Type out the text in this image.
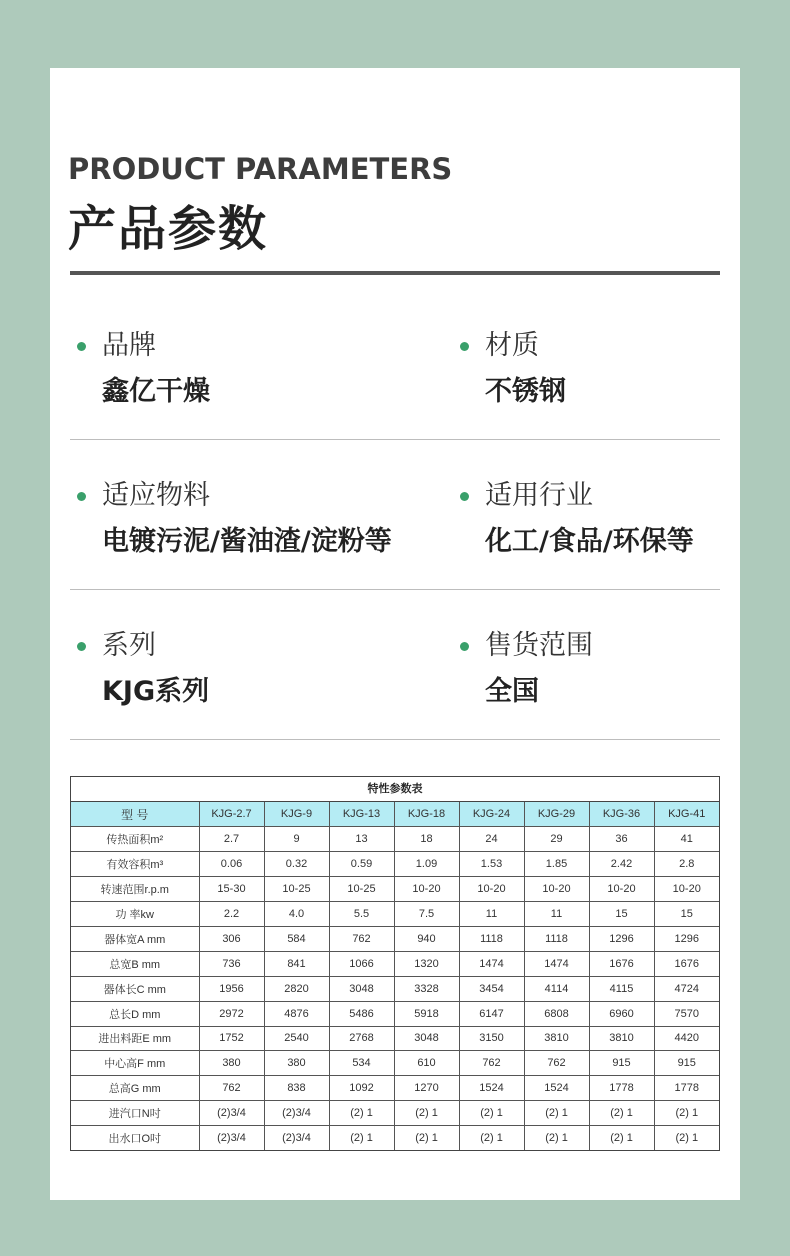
PRODUCT PARAMETERS
产品参数
品牌
鑫亿干燥
材质
不锈钢
适应物料
电镀污泥/酱油渣/淀粉等
适用行业
化工/食品/环保等
系列
KJG系列
售货范围
全国
特性参数表
型 号	KJG-2.7	KJG-9	KJG-13	KJG-18	KJG-24	KJG-29	KJG-36	KJG-41
传热面积m²	2.7	9	13	18	24	29	36	41
有效容积m³	0.06	0.32	0.59	1.09	1.53	1.85	2.42	2.8
转速范围r.p.m	15-30	10-25	10-25	10-20	10-20	10-20	10-20	10-20
功 率kw	2.2	4.0	5.5	7.5	11	11	15	15
器体宽A mm	306	584	762	940	1118	1118	1296	1296
总宽B mm	736	841	1066	1320	1474	1474	1676	1676
器体长C mm	1956	2820	3048	3328	3454	4114	4115	4724
总长D mm	2972	4876	5486	5918	6147	6808	6960	7570
进出料距E mm	1752	2540	2768	3048	3150	3810	3810	4420
中心高F mm	380	380	534	610	762	762	915	915
总高G mm	762	838	1092	1270	1524	1524	1778	1778
进汽口N吋	(2)3/4	(2)3/4	(2) 1	(2) 1	(2) 1	(2) 1	(2) 1	(2) 1
出水口O吋	(2)3/4	(2)3/4	(2) 1	(2) 1	(2) 1	(2) 1	(2) 1	(2) 1
